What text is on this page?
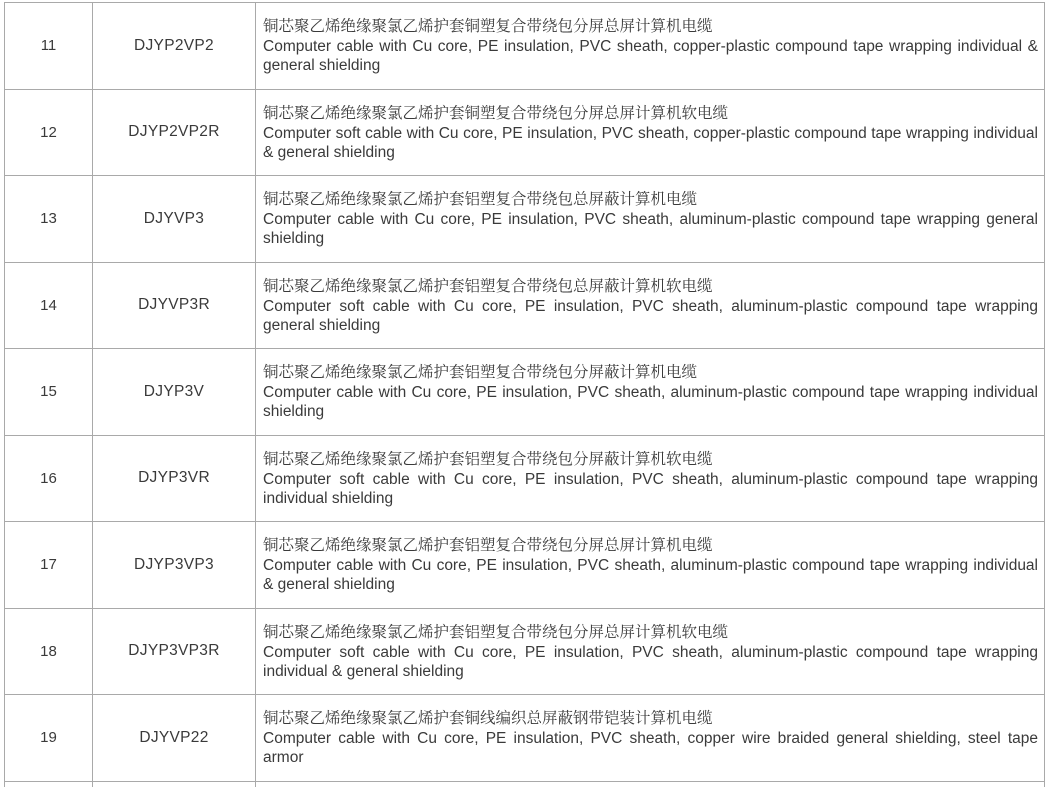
11	DJYP2VP2	铜芯聚乙烯绝缘聚氯乙烯护套铜塑复合带绕包分屏总屏计算机电缆
Computer cable with Cu core, PE insulation, PVC sheath, copper-plastic compound tape wrapping individual & general shielding

12	DJYP2VP2R	铜芯聚乙烯绝缘聚氯乙烯护套铜塑复合带绕包分屏总屏计算机软电缆
Computer soft cable with Cu core, PE insulation, PVC sheath, copper-plastic compound tape wrapping individual & general shielding

13	DJYVP3	铜芯聚乙烯绝缘聚氯乙烯护套铝塑复合带绕包总屏蔽计算机电缆
Computer cable with Cu core, PE insulation, PVC sheath, aluminum-plastic compound tape wrapping general shielding

14	DJYVP3R	铜芯聚乙烯绝缘聚氯乙烯护套铝塑复合带绕包总屏蔽计算机软电缆
Computer soft cable with Cu core, PE insulation, PVC sheath, aluminum-plastic compound tape wrapping general shielding

15	DJYP3V	铜芯聚乙烯绝缘聚氯乙烯护套铝塑复合带绕包分屏蔽计算机电缆
Computer cable with Cu core, PE insulation, PVC sheath, aluminum-plastic compound tape wrapping individual shielding

16	DJYP3VR	铜芯聚乙烯绝缘聚氯乙烯护套铝塑复合带绕包分屏蔽计算机软电缆
Computer soft cable with Cu core, PE insulation, PVC sheath, aluminum-plastic compound tape wrapping individual shielding

17	DJYP3VP3	铜芯聚乙烯绝缘聚氯乙烯护套铝塑复合带绕包分屏总屏计算机电缆
Computer cable with Cu core, PE insulation, PVC sheath, aluminum-plastic compound tape wrapping individual & general shielding

18	DJYP3VP3R	铜芯聚乙烯绝缘聚氯乙烯护套铝塑复合带绕包分屏总屏计算机软电缆
Computer soft cable with Cu core, PE insulation, PVC sheath, aluminum-plastic compound tape wrapping individual & general shielding

19	DJYVP22	铜芯聚乙烯绝缘聚氯乙烯护套铜线编织总屏蔽钢带铠装计算机电缆
Computer cable with Cu core, PE insulation, PVC sheath, copper wire braided general shielding, steel tape armor
